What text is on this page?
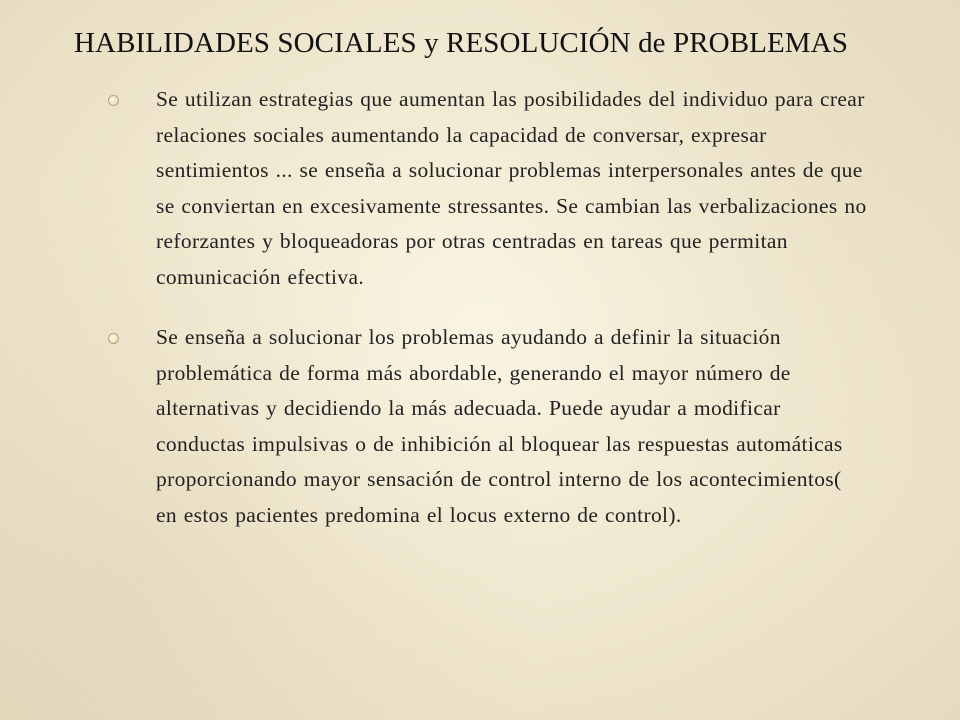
HABILIDADES SOCIALES y RESOLUCIÓN de PROBLEMAS
Se utilizan estrategias que aumentan las posibilidades del individuo para crear relaciones sociales aumentando la capacidad de conversar, expresar sentimientos ... se enseña a solucionar problemas interpersonales antes de que se conviertan en excesivamente stressantes. Se cambian las verbalizaciones no reforzantes y bloqueadoras por otras centradas en tareas que permitan comunicación efectiva.
Se enseña a solucionar los problemas ayudando a definir la situación problemática de forma más abordable, generando el mayor número de alternativas y decidiendo la más adecuada. Puede ayudar a modificar conductas impulsivas o de inhibición al bloquear las respuestas automáticas proporcionando mayor sensación de control interno de los acontecimientos( en estos pacientes predomina el locus externo de control).
